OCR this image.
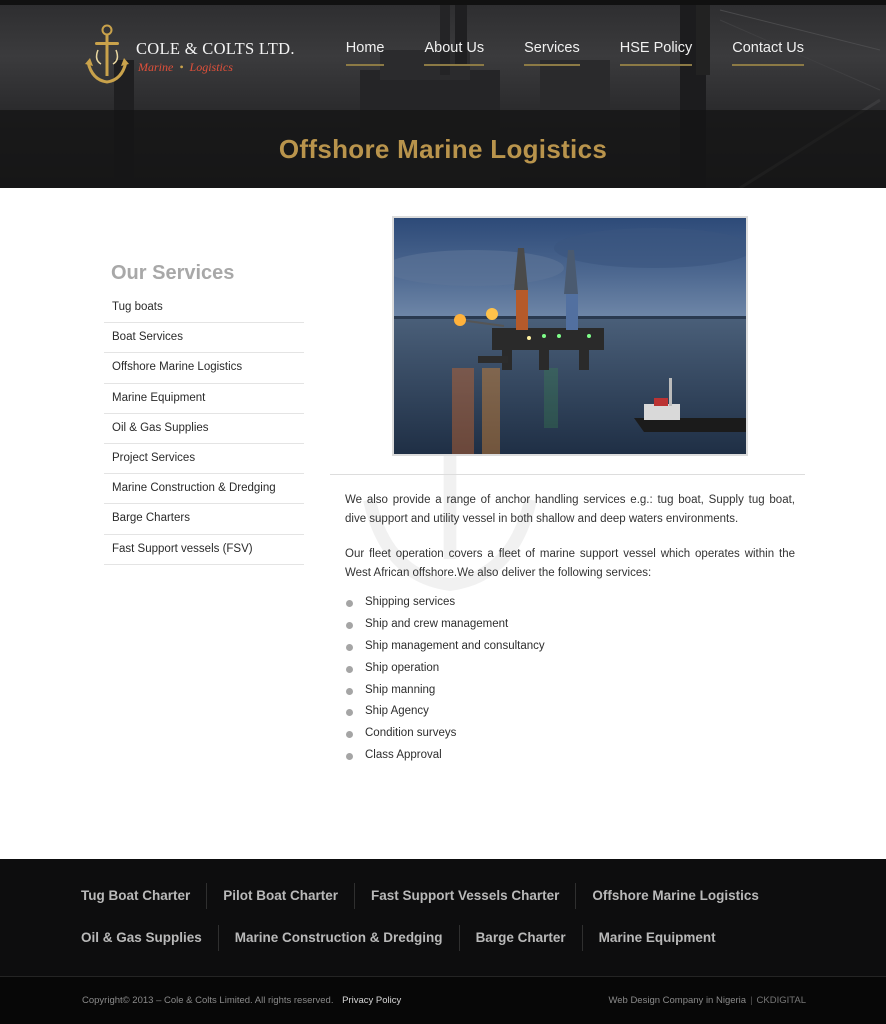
COLE & COLTS LTD.
Marine • Logistics
Home	About Us	Services	HSE Policy	Contact Us
Offshore Marine Logistics
Our Services
Tug boats
Boat Services
Offshore Marine Logistics
Marine Equipment
Oil & Gas Supplies
Project Services
Marine Construction & Dredging
Barge Charters
Fast Support vessels (FSV)

We also provide a range of anchor handling services e.g.: tug boat, Supply tug boat, dive support and utility vessel in both shallow and deep waters environments.

Our fleet operation covers a fleet of marine support vessel which operates within the West African offshore.We also deliver the following services:

Shipping services
Ship and crew management
Ship management and consultancy
Ship operation
Ship manning
Ship Agency
Condition surveys
Class Approval
Tug Boat Charter	Pilot Boat Charter	Fast Support Vessels Charter	Offshore Marine Logistics
Oil & Gas Supplies	Marine Construction & Dredging	Barge Charter	Marine Equipment
Copyright© 2013 – Cole & Colts Limited. All rights reserved. Privacy Policy	Web Design Company in Nigeria | CKDIGITAL
